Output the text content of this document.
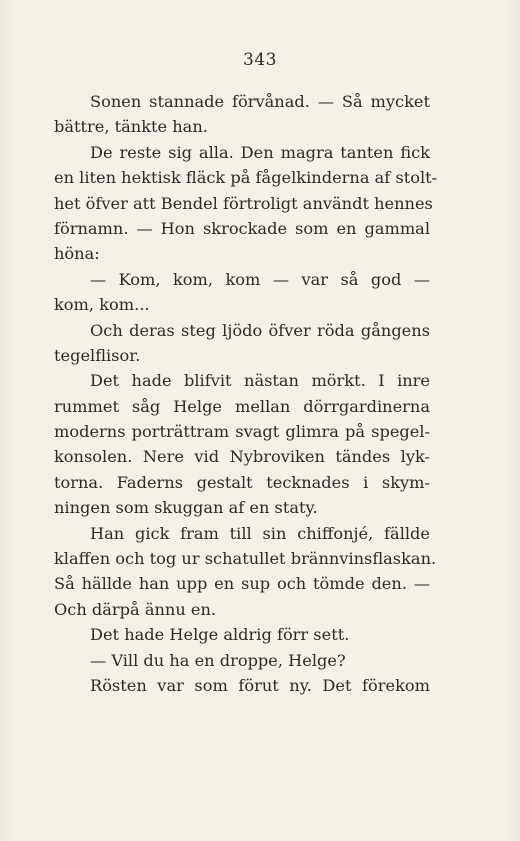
343
Sonen stannade förvånad. — Så mycket
bättre, tänkte han.
De reste sig alla. Den magra tanten fick
en liten hektisk fläck på fågelkinderna af stolt-
het öfver att Bendel förtroligt användt hennes
förnamn. — Hon skrockade som en gammal
höna:
— Kom, kom, kom — var så god —
kom, kom...
Och deras steg ljödo öfver röda gångens
tegelflisor.
Det hade blifvit nästan mörkt. I inre
rummet såg Helge mellan dörrgardinerna
moderns porträttram svagt glimra på spegel-
konsolen. Nere vid Nybroviken tändes lyk-
torna. Faderns gestalt tecknades i skym-
ningen som skuggan af en staty.
Han gick fram till sin chiffonjé, fällde
klaffen och tog ur schatullet brännvinsflaskan.
Så hällde han upp en sup och tömde den. —
Och därpå ännu en.
Det hade Helge aldrig förr sett.
— Vill du ha en droppe, Helge?
Rösten var som förut ny. Det förekom
